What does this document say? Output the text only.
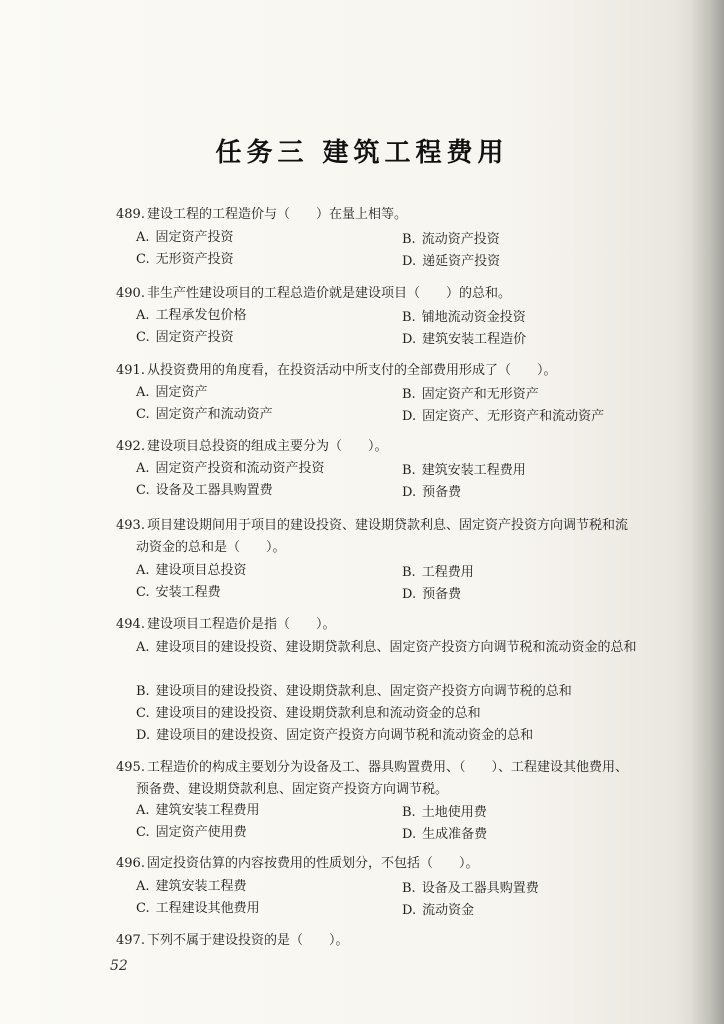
任务三 建筑工程费用
489. 建设工程的工程造价与（　　）在量上相等。
A. 固定资产投资	B. 流动资产投资
C. 无形资产投资	D. 递延资产投资
490. 非生产性建设项目的工程总造价就是建设项目（　　）的总和。
A. 工程承发包价格	B. 铺地流动资金投资
C. 固定资产投资	D. 建筑安装工程造价
491. 从投资费用的角度看，在投资活动中所支付的全部费用形成了（　　）。
A. 固定资产	B. 固定资产和无形资产
C. 固定资产和流动资产	D. 固定资产、无形资产和流动资产
492. 建设项目总投资的组成主要分为（　　）。
A. 固定资产投资和流动资产投资	B. 建筑安装工程费用
C. 设备及工器具购置费	D. 预备费
493. 项目建设期间用于项目的建设投资、建设期贷款利息、固定资产投资方向调节税和流
动资金的总和是（　　）。
A. 建设项目总投资	B. 工程费用
C. 安装工程费	D. 预备费
494. 建设项目工程造价是指（　　）。
A. 建设项目的建设投资、建设期贷款利息、固定资产投资方向调节税和流动资金的总和
B. 建设项目的建设投资、建设期贷款利息、固定资产投资方向调节税的总和
C. 建设项目的建设投资、建设期贷款利息和流动资金的总和
D. 建设项目的建设投资、固定资产投资方向调节税和流动资金的总和
495. 工程造价的构成主要划分为设备及工、器具购置费用、（　　）、工程建设其他费用、
预备费、建设期贷款利息、固定资产投资方向调节税。
A. 建筑安装工程费用	B. 土地使用费
C. 固定资产使用费	D. 生成准备费
496. 固定投资估算的内容按费用的性质划分，不包括（　　）。
A. 建筑安装工程费	B. 设备及工器具购置费
C. 工程建设其他费用	D. 流动资金
497. 下列不属于建设投资的是（　　）。
52
